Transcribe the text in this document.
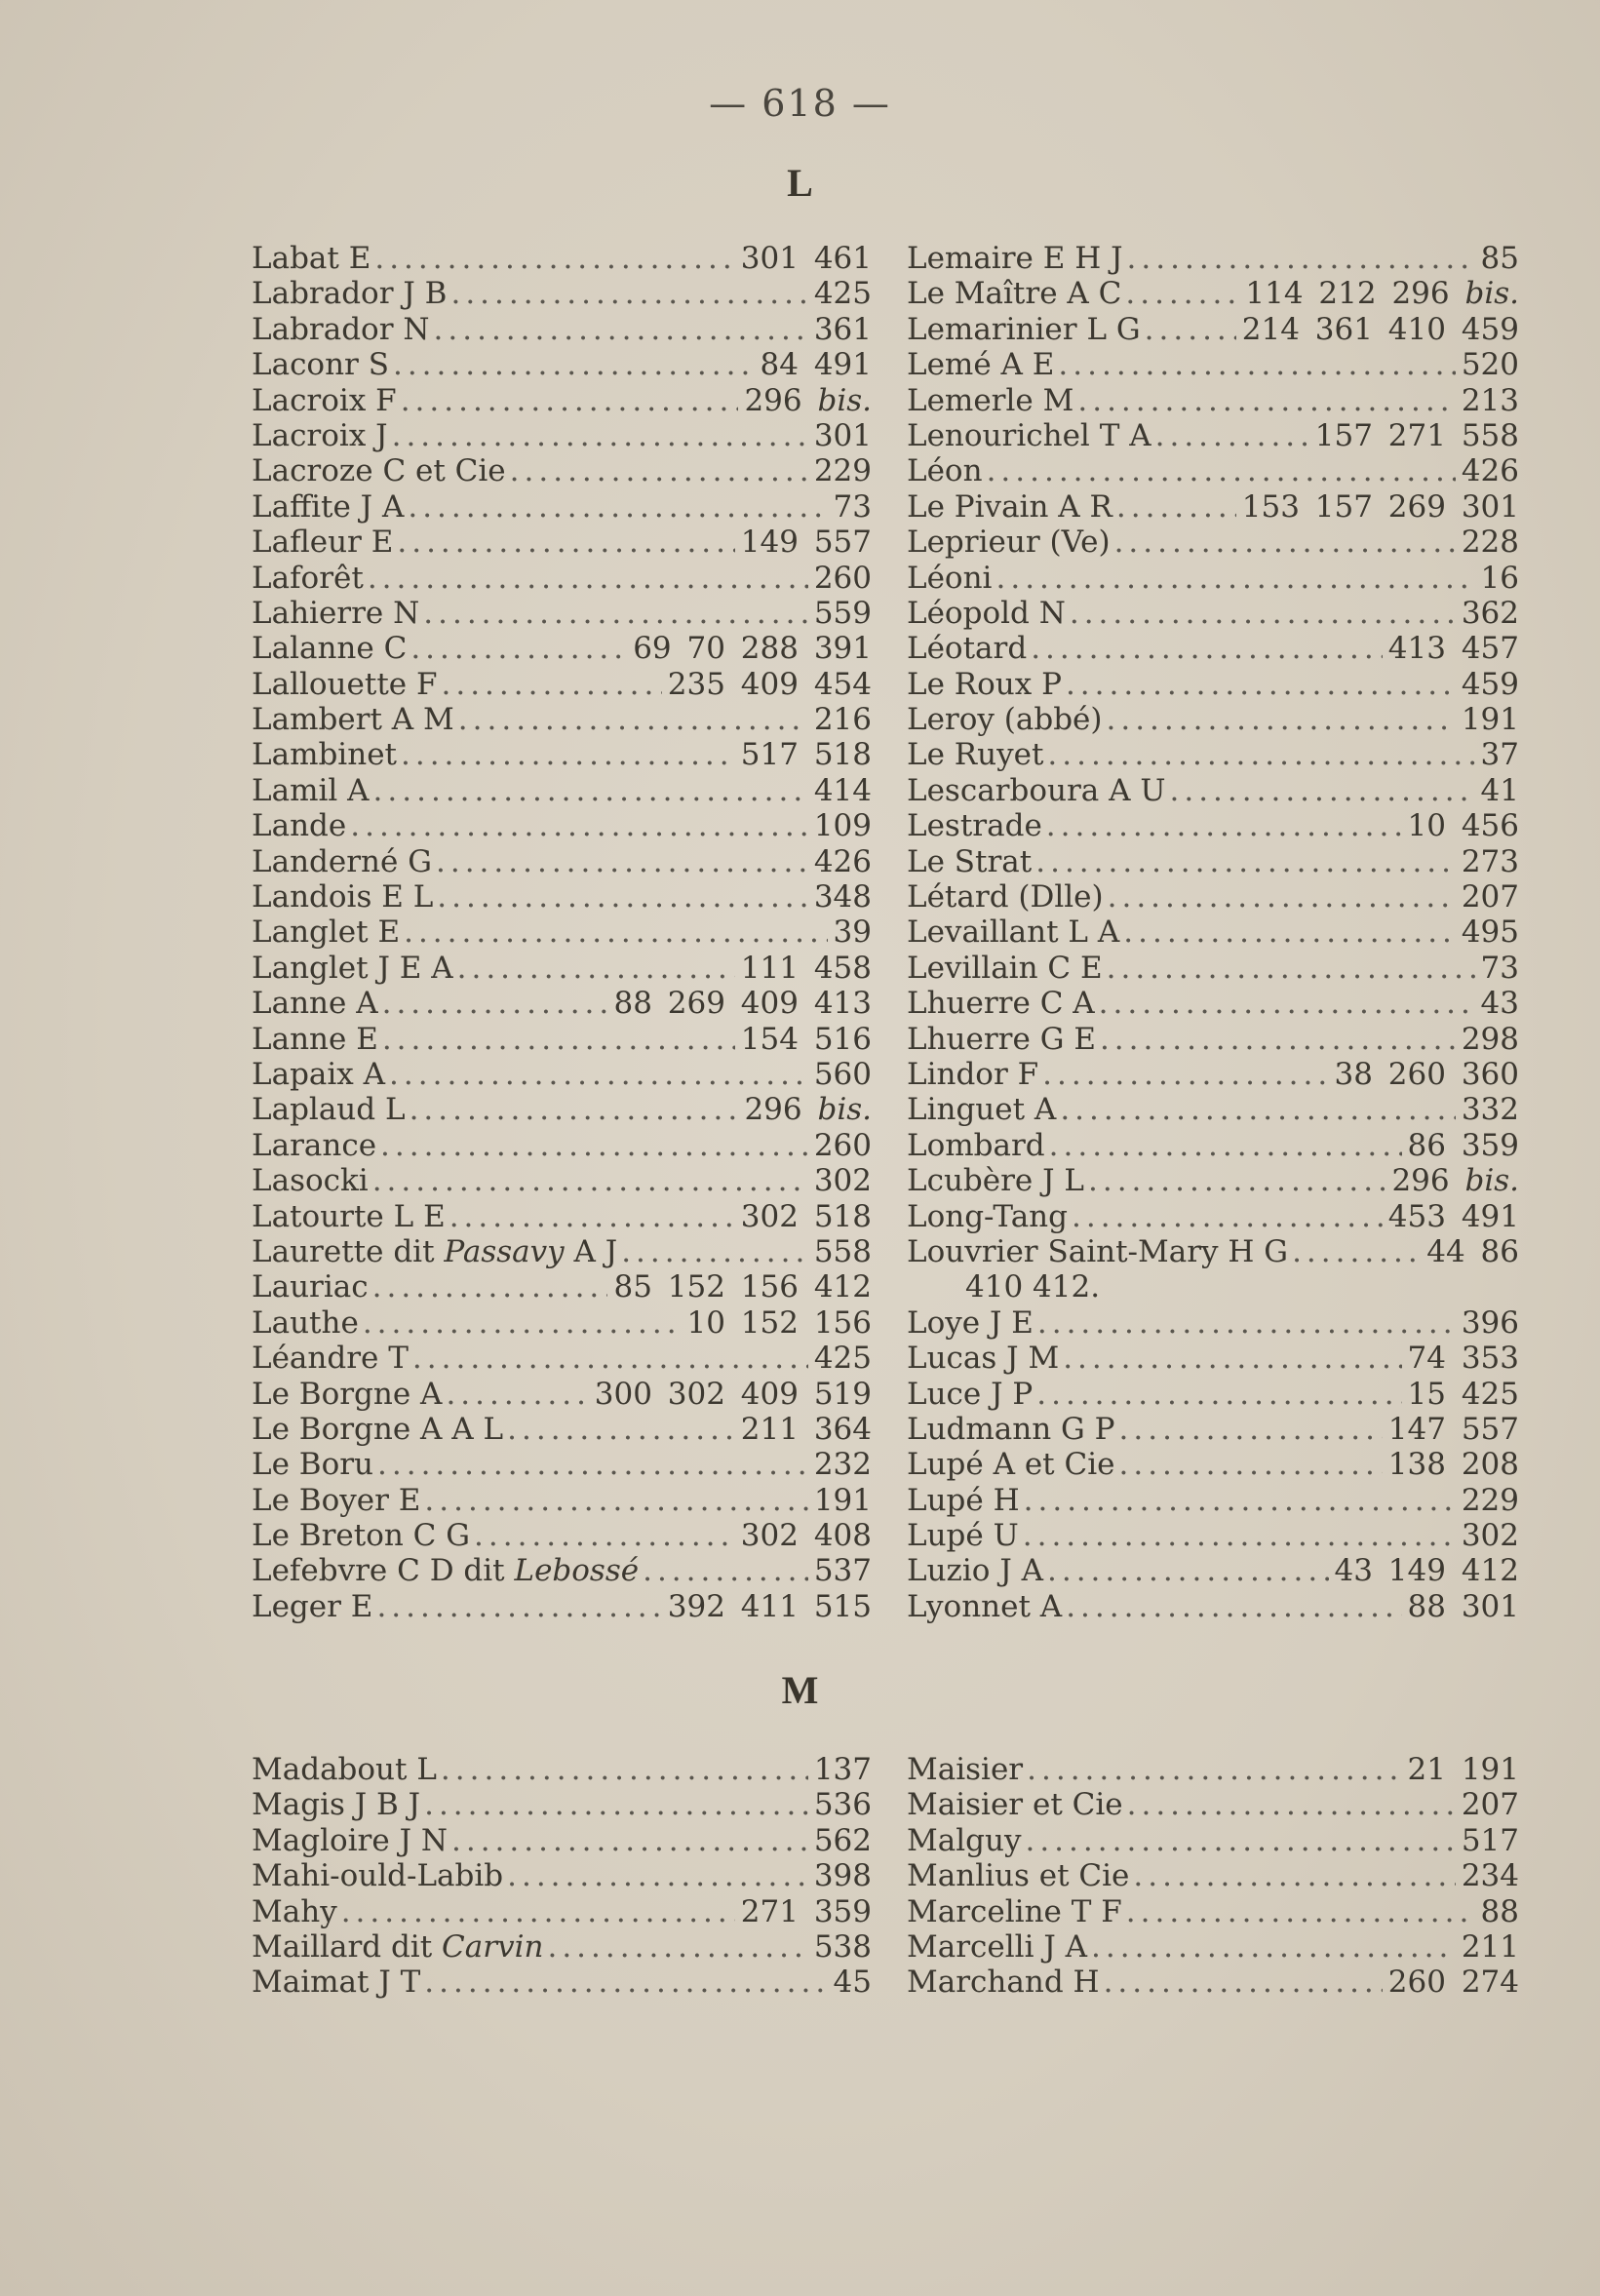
— 618 —
L
Labat E .....	301 461
Labrador J B .....	425
Labrador N .....	361
Laconr S .....	84 491
Lacroix F .....	296 bis.
Lacroix J .....	301
Lacroze C et Cie .....	229
Laffite J A .....	73
Lafleur E .....	149 557
Laforêt .....	260
Lahierre N .....	559
Lalanne C .....	69 70 288 391
Lallouette F .....	235 409 454
Lambert A M .....	216
Lambinet .....	517 518
Lamil A .....	414
Lande .....	109
Landerné G .....	426
Landois E L .....	348
Langlet E .....	39
Langlet J E A .....	111 458
Lanne A .....	88 269 409 413
Lanne E .....	154 516
Lapaix A .....	560
Laplaud L .....	296 bis.
Larance .....	260
Lasocki .....	302
Latourte L E .....	302 518
Laurette dit Passavy A J .....	558
Lauriac .....	85 152 156 412
Lauthe .....	10 152 156
Léandre T .....	425
Le Borgne A .....	300 302 409 519
Le Borgne A A L .....	211 364
Le Boru .....	232
Le Boyer E .....	191
Le Breton C G .....	302 408
Lefebvre C D dit Lebossé .....	537
Leger E .....	392 411 515
Lemaire E H J .....	85
Le Maître A C .....	114 212 296 bis.
Lemarinier L G .....	214 361 410 459
Lemé A E .....	520
Lemerle M .....	213
Lenourichel T A .....	157 271 558
Léon .....	426
Le Pivain A R .....	153 157 269 301
Leprieur (Ve) .....	228
Léoni .....	16
Léopold N .....	362
Léotard .....	413 457
Le Roux P .....	459
Leroy (abbé) .....	191
Le Ruyet .....	37
Lescarboura A U .....	41
Lestrade .....	10 456
Le Strat .....	273
Létard (Dlle) .....	207
Levaillant L A .....	495
Levillain C E .....	73
Lhuerre C A .....	43
Lhuerre G E .....	298
Lindor F .....	38 260 360
Linguet A .....	332
Lombard .....	86 359
Lcubère J L .....	296 bis.
Long-Tang .....	453 491
Louvrier Saint-Mary H G .....	44 86
410 412.
Loye J E .....	396
Lucas J M .....	74 353
Luce J P .....	15 425
Ludmann G P .....	147 557
Lupé A et Cie .....	138 208
Lupé H .....	229
Lupé U .....	302
Luzio J A .....	43 149 412
Lyonnet A .....	88 301
M
Madabout L .....	137
Magis J B J .....	536
Magloire J N .....	562
Mahi-ould-Labib .....	398
Mahy .....	271 359
Maillard dit Carvin .....	538
Maimat J T .....	45
Maisier .....	21 191
Maisier et Cie .....	207
Malguy .....	517
Manlius et Cie .....	234
Marceline T F .....	88
Marcelli J A .....	211
Marchand H .....	260 274
